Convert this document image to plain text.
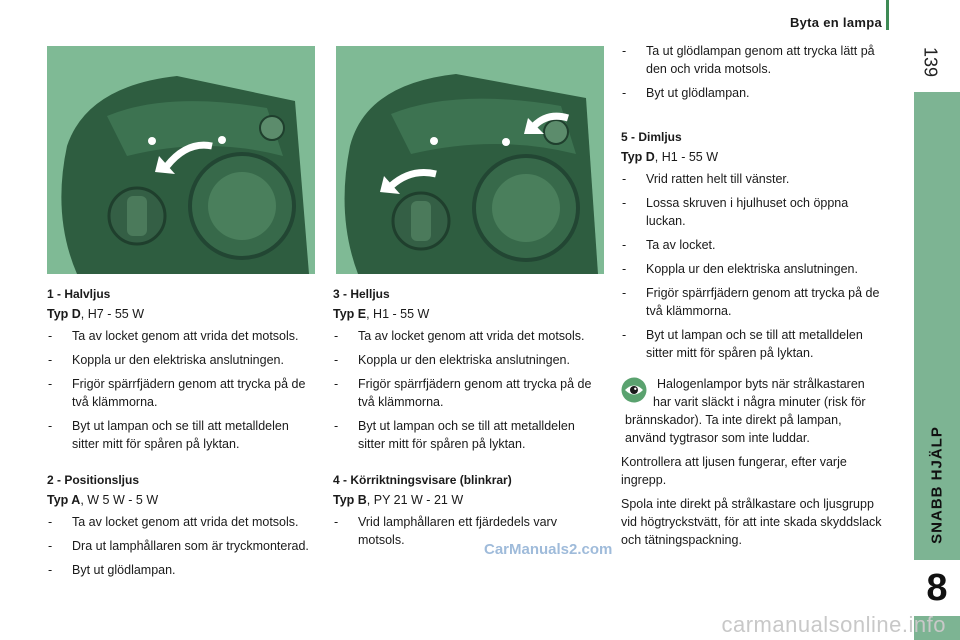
Byta en lampa
139
SNABB HJÄLP
8
1 - Halvljus
Typ D, H7 - 55 W
- Ta av locket genom att vrida det motsols.
- Koppla ur den elektriska anslutningen.
- Frigör spärrfjädern genom att trycka på de två klämmorna.
- Byt ut lampan och se till att metalldelen sitter mitt för spåren på lyktan.
2 - Positionsljus
Typ A, W 5 W - 5 W
- Ta av locket genom att vrida det motsols.
- Dra ut lamphållaren som är tryckmonterad.
- Byt ut glödlampan.
3 - Helljus
Typ E, H1 - 55 W
- Ta av locket genom att vrida det motsols.
- Koppla ur den elektriska anslutningen.
- Frigör spärrfjädern genom att trycka på de två klämmorna.
- Byt ut lampan och se till att metalldelen sitter mitt för spåren på lyktan.
4 - Körriktningsvisare (blinkrar)
Typ B, PY 21 W - 21 W
- Vrid lamphållaren ett fjärdedels varv motsols.
- Ta ut glödlampan genom att trycka lätt på den och vrida motsols.
- Byt ut glödlampan.
5 - Dimljus
Typ D, H1 - 55 W
- Vrid ratten helt till vänster.
- Lossa skruven i hjulhuset och öppna luckan.
- Ta av locket.
- Koppla ur den elektriska anslutningen.
- Frigör spärrfjädern genom att trycka på de två klämmorna.
- Byt ut lampan och se till att metalldelen sitter mitt för spåren på lyktan.

Halogenlampor byts när strålkastaren har varit släckt i några minuter (risk för brännskador). Ta inte direkt på lampan, använd tygtrasor som inte luddar.

Kontrollera att ljusen fungerar, efter varje ingrepp.

Spola inte direkt på strålkastare och ljusgrupp vid högtryckstvätt, för att inte skada skyddslack och tätningspackning.

CarManuals2.com
carmanualsonline.info
